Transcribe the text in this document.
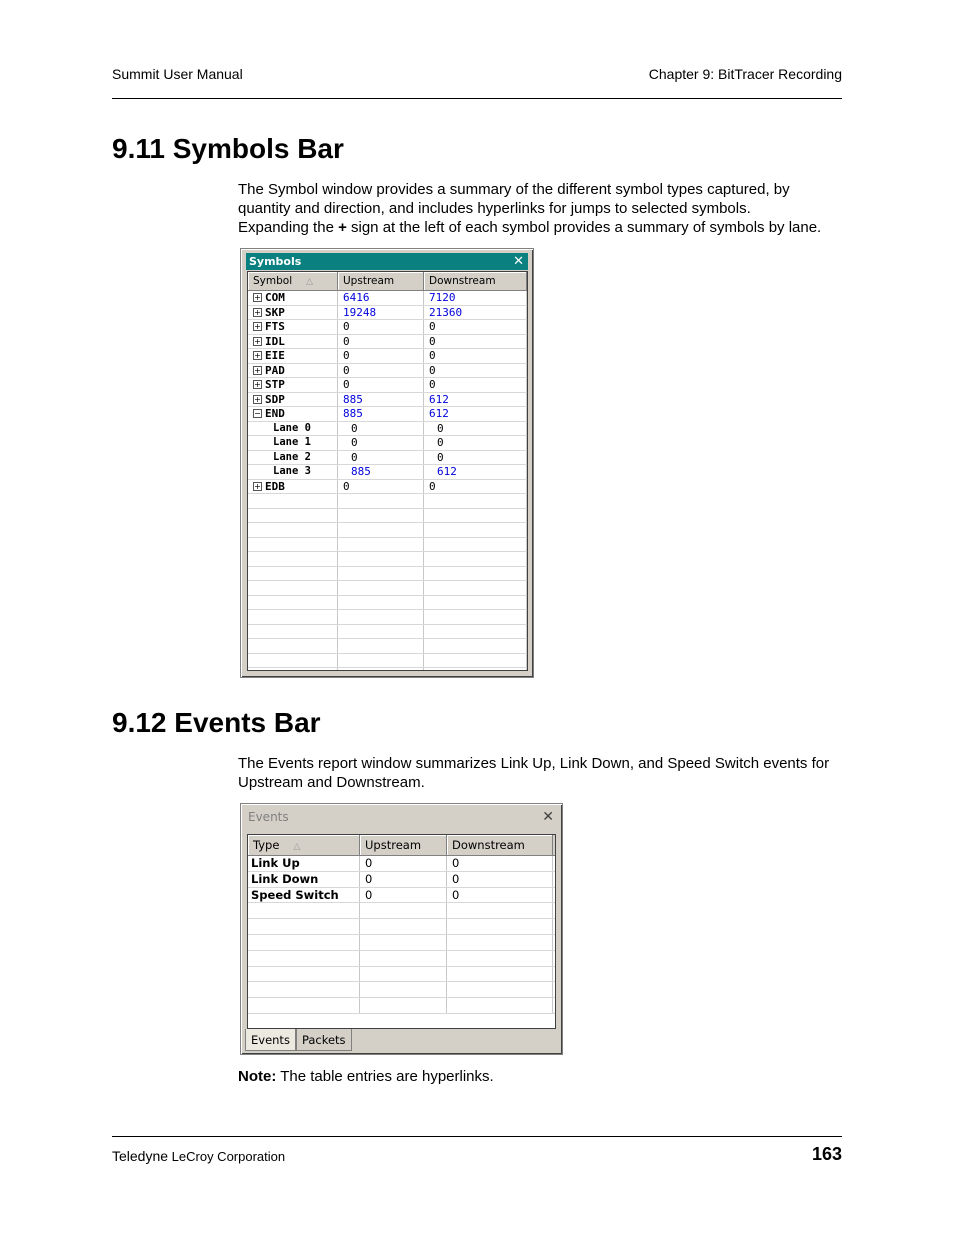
Summit User Manual	Chapter 9: BitTracer Recording
9.11 Symbols Bar

The Symbol window provides a summary of the different symbol types captured, by
quantity and direction, and includes hyperlinks for jumps to selected symbols.
Expanding the + sign at the left of each symbol provides a summary of symbols by lane.

Symbols	✕
Symbol △	Upstream	Downstream
+ COM	6416	7120
+ SKP	19248	21360
+ FTS	0	0
+ IDL	0	0
+ EIE	0	0
+ PAD	0	0
+ STP	0	0
+ SDP	885	612
− END	885	612
Lane 0	0	0
Lane 1	0	0
Lane 2	0	0
Lane 3	885	612
+ EDB	0	0
9.12 Events Bar

The Events report window summarizes Link Up, Link Down, and Speed Switch events for
Upstream and Downstream.

Events	✕
Type △	Upstream	Downstream
Link Up	0	0
Link Down	0	0
Speed Switch	0	0
Events	Packets

Note: The table entries are hyperlinks.

Teledyne LeCroy Corporation	163
